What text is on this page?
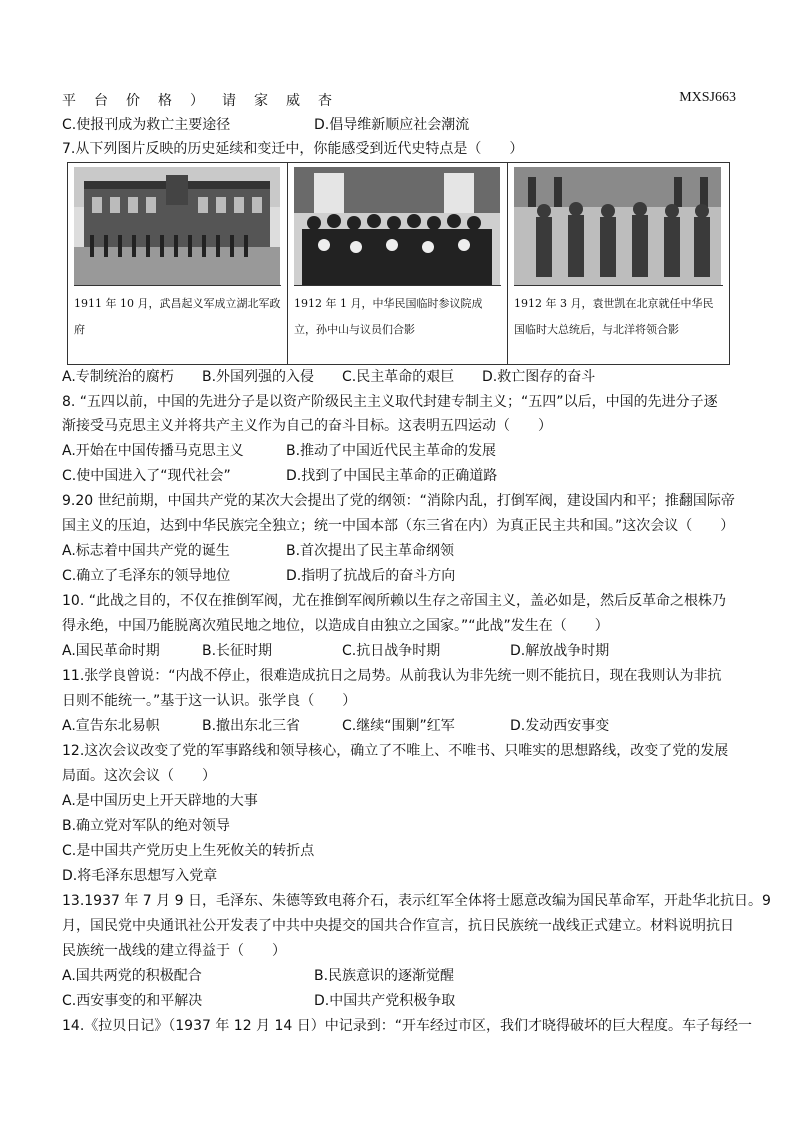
平台价格）请家威杏	MXSJ663
C.使报刊成为救亡主要途径	D.倡导维新顺应社会潮流
7.从下列图片反映的历史延续和变迁中，你能感受到近代史特点是（　　）
1911 年 10 月，武昌起义军成立湖北军政府
1912 年 1 月，中华民国临时参议院成立，孙中山与议员们合影
1912 年 3 月，袁世凯在北京就任中华民国临时大总统后，与北洋将领合影
A.专制统治的腐朽 B.外国列强的入侵 C.民主革命的艰巨 D.救亡图存的奋斗
8. “五四以前，中国的先进分子是以资产阶级民主主义取代封建专制主义；“五四”以后，中国的先进分子逐
渐接受马克思主义并将共产主义作为自己的奋斗目标。这表明五四运动（　　）
A.开始在中国传播马克思主义	B.推动了中国近代民主革命的发展
C.使中国进入了“现代社会”	D.找到了中国民主革命的正确道路
9.20 世纪前期，中国共产党的某次大会提出了党的纲领：“消除内乱，打倒军阀，建设国内和平；推翻国际帝
国主义的压迫，达到中华民族完全独立；统一中国本部（东三省在内）为真正民主共和国。”这次会议（　　）
A.标志着中国共产党的诞生	B.首次提出了民主革命纲领
C.确立了毛泽东的领导地位	D.指明了抗战后的奋斗方向
10. “此战之目的，不仅在推倒军阀，尤在推倒军阀所赖以生存之帝国主义，盖必如是，然后反革命之根株乃
得永绝，中国乃能脱离次殖民地之地位，以造成自由独立之国家。”“此战”发生在（　　）
A.国民革命时期	B.长征时期	C.抗日战争时期	D.解放战争时期
11.张学良曾说：“内战不停止，很难造成抗日之局势。从前我认为非先统一则不能抗日，现在我则认为非抗
日则不能统一。”基于这一认识。张学良（　　）
A.宣告东北易帜	B.撤出东北三省	C.继续“围剿”红军	D.发动西安事变
12.这次会议改变了党的军事路线和领导核心，确立了不唯上、不唯书、只唯实的思想路线，改变了党的发展
局面。这次会议（　　）
A.是中国历史上开天辟地的大事
B.确立党对军队的绝对领导
C.是中国共产党历史上生死攸关的转折点
D.将毛泽东思想写入党章
13.1937 年 7 月 9 日，毛泽东、朱德等致电蒋介石，表示红军全体将士愿意改编为国民革命军，开赴华北抗日。9
月，国民党中央通讯社公开发表了中共中央提交的国共合作宣言，抗日民族统一战线正式建立。材料说明抗日
民族统一战线的建立得益于（　　）
A.国共两党的积极配合	B.民族意识的逐渐觉醒
C.西安事变的和平解决	D.中国共产党积极争取
14.《拉贝日记》（1937 年 12 月 14 日）中记录到：“开车经过市区，我们才晓得破坏的巨大程度。车子每经一
